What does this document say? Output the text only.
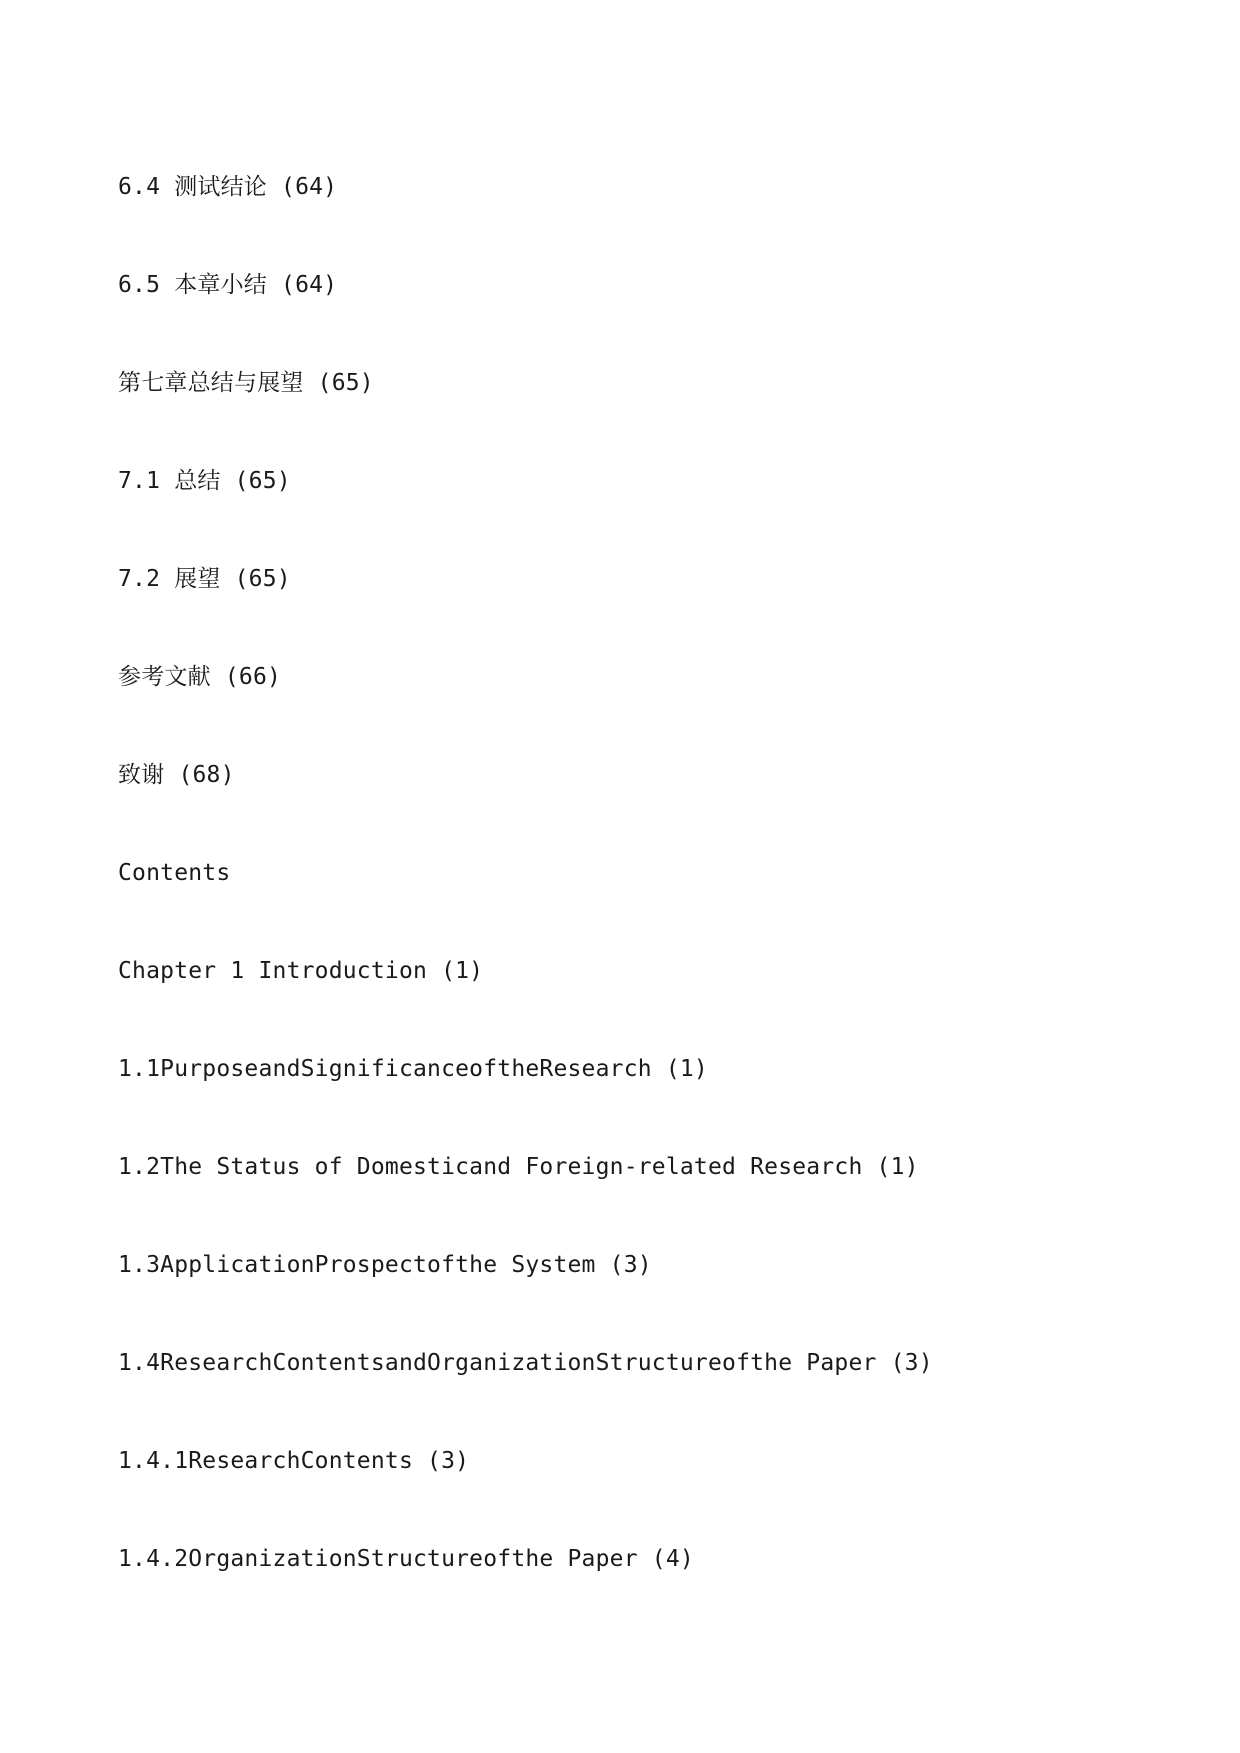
6.4 测试结论 (64)
6.5 本章小结 (64)
第七章总结与展望 (65)
7.1 总结 (65)
7.2 展望 (65)
参考文献 (66)
致谢 (68)
Contents
Chapter 1 Introduction (1)
1.1PurposeandSignificanceoftheResearch (1)
1.2The Status of Domesticand Foreign-related Research (1)
1.3ApplicationProspectofthe System (3)
1.4ResearchContentsandOrganizationStructureofthe Paper (3)
1.4.1ResearchContents (3)
1.4.2OrganizationStructureofthe Paper (4)
